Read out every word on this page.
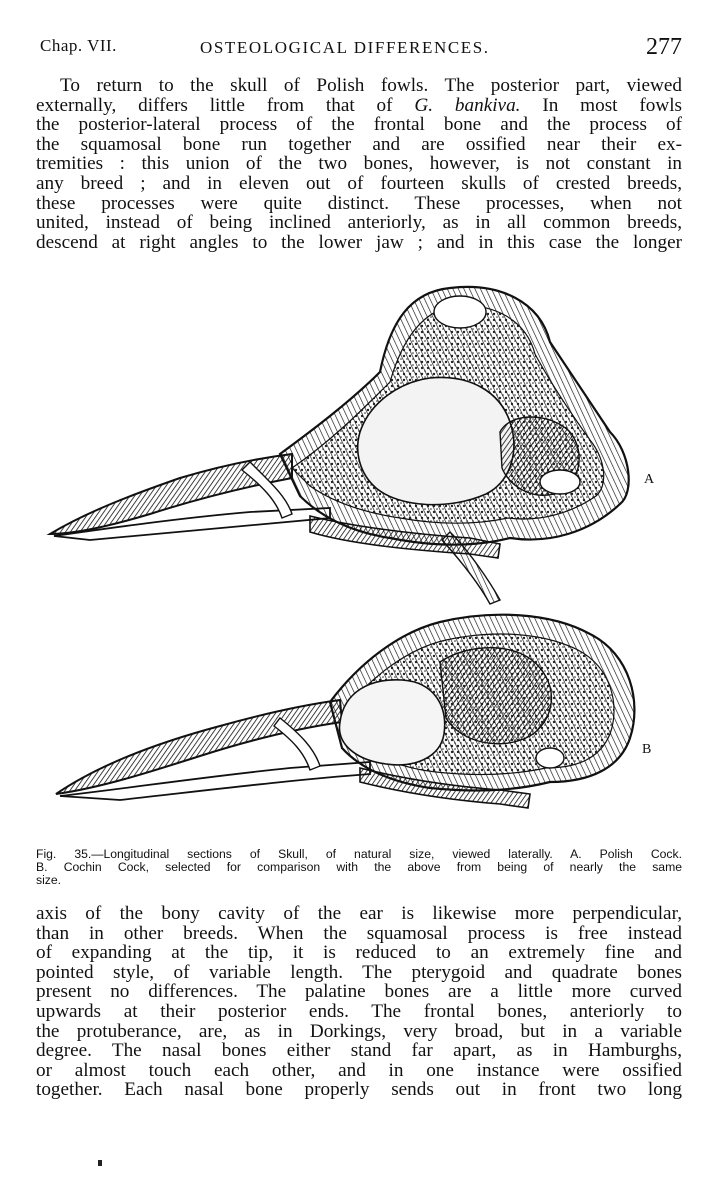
Chap. VII.	OSTEOLOGICAL DIFFERENCES.	277
To return to the skull of Polish fowls. The posterior part, viewed
externally, differs little from that of G. bankiva. In most fowls
the posterior-lateral process of the frontal bone and the process of
the squamosal bone run together and are ossified near their ex-
tremities : this union of the two bones, however, is not constant in
any breed ; and in eleven out of fourteen skulls of crested breeds,
these processes were quite distinct. These processes, when not
united, instead of being inclined anteriorly, as in all common breeds,
descend at right angles to the lower jaw ; and in this case the longer
A
B
Fig. 35.—Longitudinal sections of Skull, of natural size, viewed laterally. A. Polish Cock.
B. Cochin Cock, selected for comparison with the above from being of nearly the same
size.
axis of the bony cavity of the ear is likewise more perpendicular,
than in other breeds. When the squamosal process is free instead
of expanding at the tip, it is reduced to an extremely fine and
pointed style, of variable length. The pterygoid and quadrate bones
present no differences. The palatine bones are a little more curved
upwards at their posterior ends. The frontal bones, anteriorly to
the protuberance, are, as in Dorkings, very broad, but in a variable
degree. The nasal bones either stand far apart, as in Hamburghs,
or almost touch each other, and in one instance were ossified
together. Each nasal bone properly sends out in front two long
